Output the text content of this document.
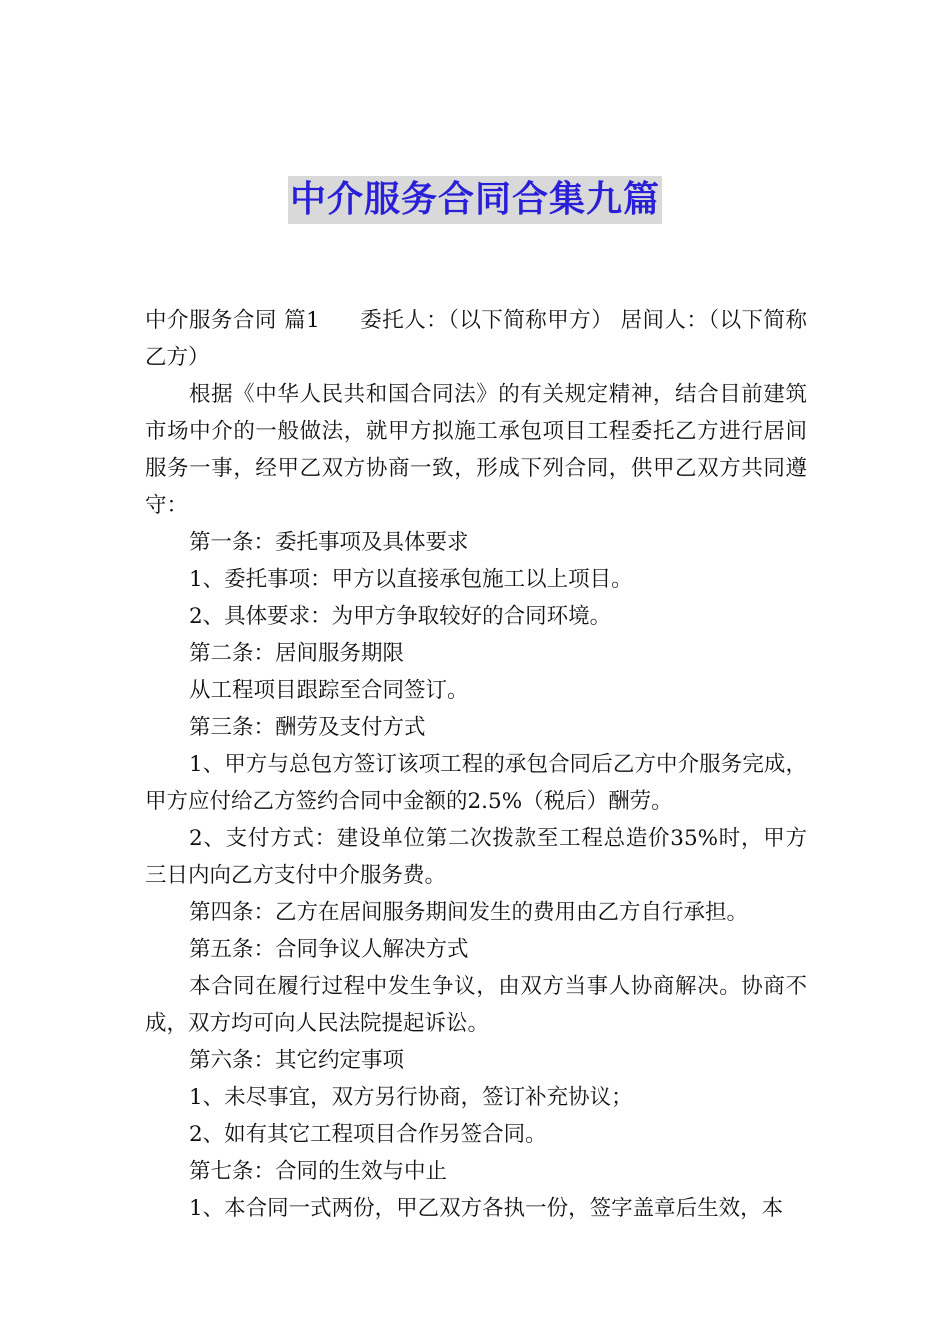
中介服务合同合集九篇

中介服务合同 篇1 委托人：（以下简称甲方） 居间人：（以下简称乙方）

根据《中华人民共和国合同法》的有关规定精神，结合目前建筑市场中介的一般做法，就甲方拟施工承包项目工程委托乙方进行居间服务一事，经甲乙双方协商一致，形成下列合同，供甲乙双方共同遵守：

第一条：委托事项及具体要求

1、委托事项：甲方以直接承包施工以上项目。

2、具体要求：为甲方争取较好的合同环境。

第二条：居间服务期限

从工程项目跟踪至合同签订。

第三条：酬劳及支付方式

1、甲方与总包方签订该项工程的承包合同后乙方中介服务完成，甲方应付给乙方签约合同中金额的2.5%（税后）酬劳。

2、支付方式：建设单位第二次拨款至工程总造价35%时，甲方三日内向乙方支付中介服务费。

第四条：乙方在居间服务期间发生的费用由乙方自行承担。

第五条：合同争议人解决方式

本合同在履行过程中发生争议，由双方当事人协商解决。协商不成，双方均可向人民法院提起诉讼。

第六条：其它约定事项

1、未尽事宜，双方另行协商，签订补充协议；

2、如有其它工程项目合作另签合同。

第七条：合同的生效与中止

1、本合同一式两份，甲乙双方各执一份，签字盖章后生效，本
